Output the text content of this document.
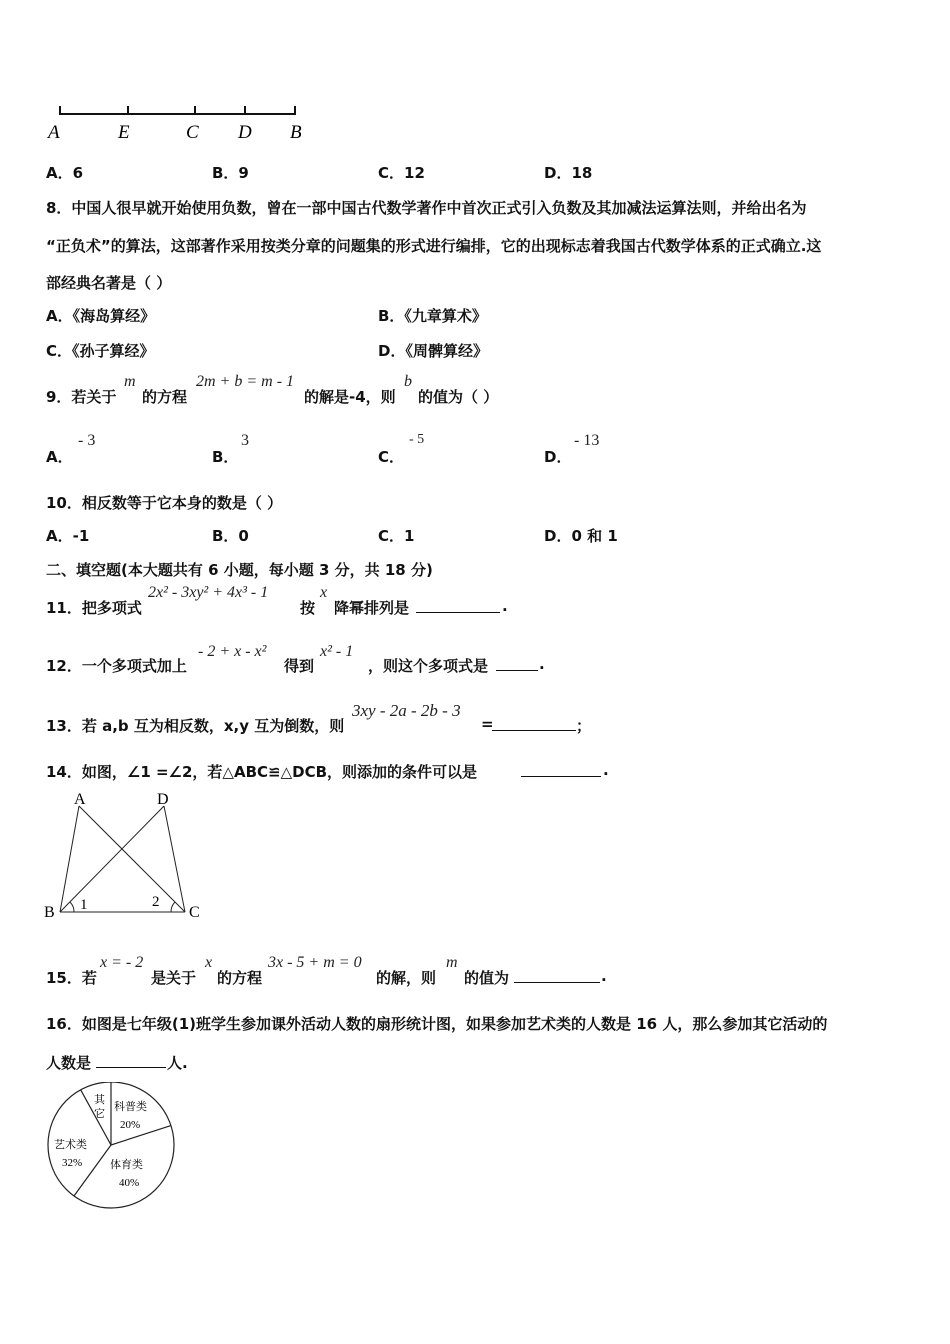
A	E	C D B
A．6	B．9	C．12	D．18
8．中国人很早就开始使用负数，曾在一部中国古代数学著作中首次正式引入负数及其加减法运算法则，并给出名为
“正负术”的算法，这部著作采用按类分章的问题集的形式进行编排，它的出现标志着我国古代数学体系的正式确立.这
部经典名著是（ ）
A．《海岛算经》	B．《九章算术》
C．《孙子算经》	D．《周髀算经》
9．若关于
m
的方程
2m + b = m - 1
的解是-4，则
b
的值为（ ）
A．
- 3
B．
3
C．
- 5
D．
- 13
10．相反数等于它本身的数是（ ）
A．-1	B．0	C．1	D．0 和 1
二、填空题(本大题共有 6 小题，每小题 3 分，共 18 分)
11．把多项式
2x² - 3xy² + 4x³ - 1
按
x
降幂排列是	.
12．一个多项式加上
- 2 + x - x²
得到
x² - 1
，则这个多项式是	.
13．若 a,b 互为相反数，x,y 互为倒数，则
3xy - 2a - 2b - 3
=	；
14．如图，∠1 =∠2，若△ABC≌△DCB，则添加的条件可以是	.
A	D
B	C
1	2
15．若
x = - 2
是关于
x
的方程
3x - 5 + m = 0
的解，则
m
的值为	.
16．如图是七年级(1)班学生参加课外活动人数的扇形统计图，如果参加艺术类的人数是 16 人，那么参加其它活动的
人数是	人.
其
它
科普类
20%
体育类
40%
艺术类
32%
